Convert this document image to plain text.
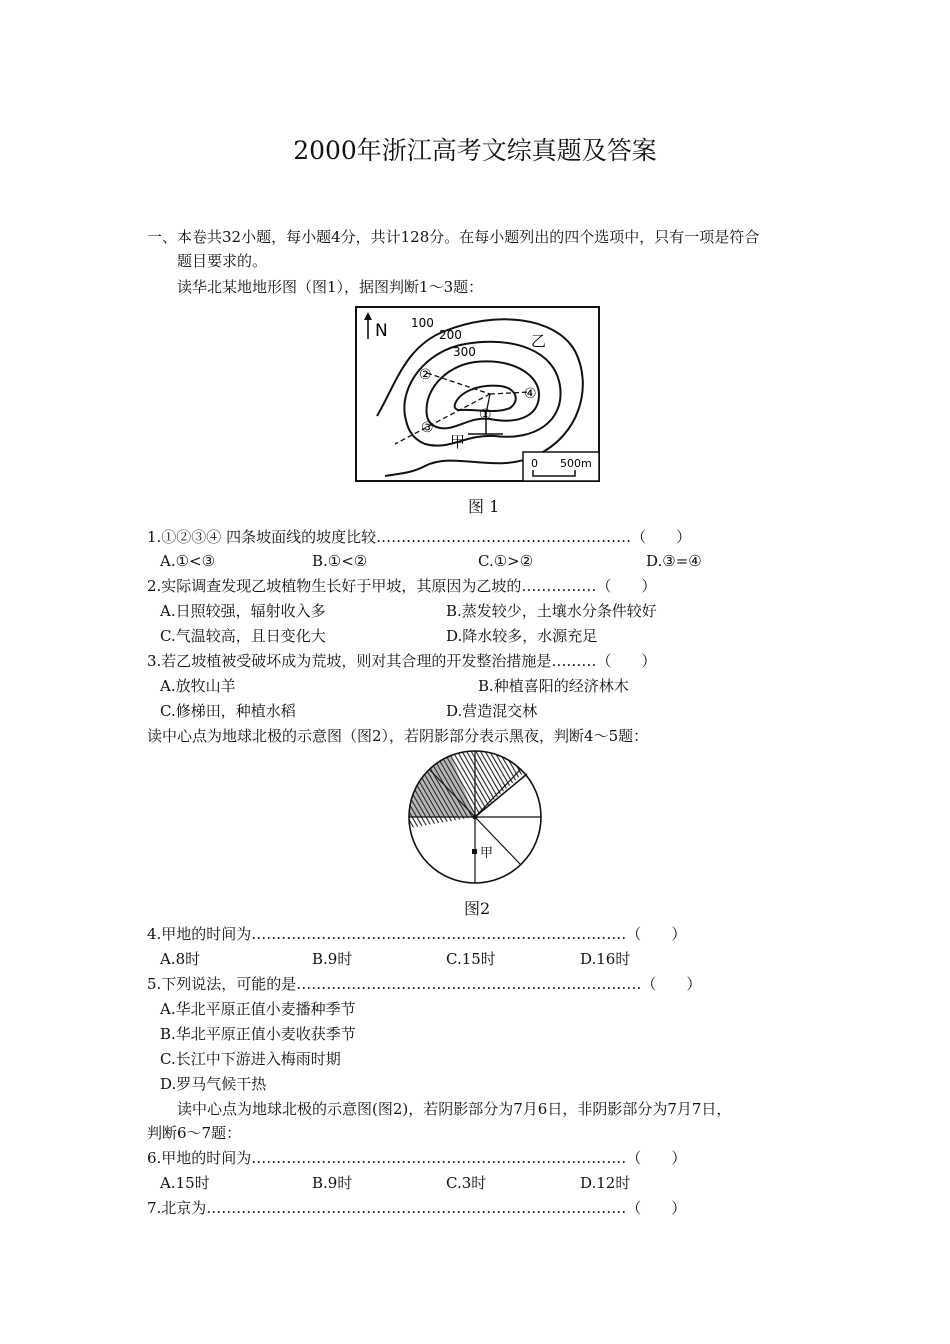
2000年浙江高考文综真题及答案
一、本卷共32小题，每小题4分，共计128分。在每小题列出的四个选项中，只有一项是符合
题目要求的。
读华北某地地形图（图1），据图判断1～3题：
N 100
200
300
乙
甲
②
④
①
③
0 500m
图 1
1.①②③④ 四条坡面线的坡度比较……………………………………………（　　）
A.①<③	B.①<②	C.①>②	D.③=④
2.实际调查发现乙坡植物生长好于甲坡，其原因为乙坡的……………（　　）
A.日照较强，辐射收入多	B.蒸发较少，土壤水分条件较好
C.气温较高，且日变化大	D.降水较多，水源充足
3.若乙坡植被受破坏成为荒坡，则对其合理的开发整治措施是………（　　）
A.放牧山羊	B.种植喜阳的经济林木
C.修梯田，种植水稻	D.营造混交林
读中心点为地球北极的示意图（图2），若阴影部分表示黑夜，判断4～5题：
甲
图2
4.甲地的时间为…………………………………………………………………（　　）
A.8时	B.9时	C.15时	D.16时
5.下列说法，可能的是……………………………………………………………（　　）
A.华北平原正值小麦播种季节
B.华北平原正值小麦收获季节
C.长江中下游进入梅雨时期
D.罗马气候干热
读中心点为地球北极的示意图(图2)，若阴影部分为7月6日，非阴影部分为7月7日，
判断6～7题：
6.甲地的时间为…………………………………………………………………（　　）
A.15时	B.9时	C.3时	D.12时
7.北京为…………………………………………………………………………（　　）
